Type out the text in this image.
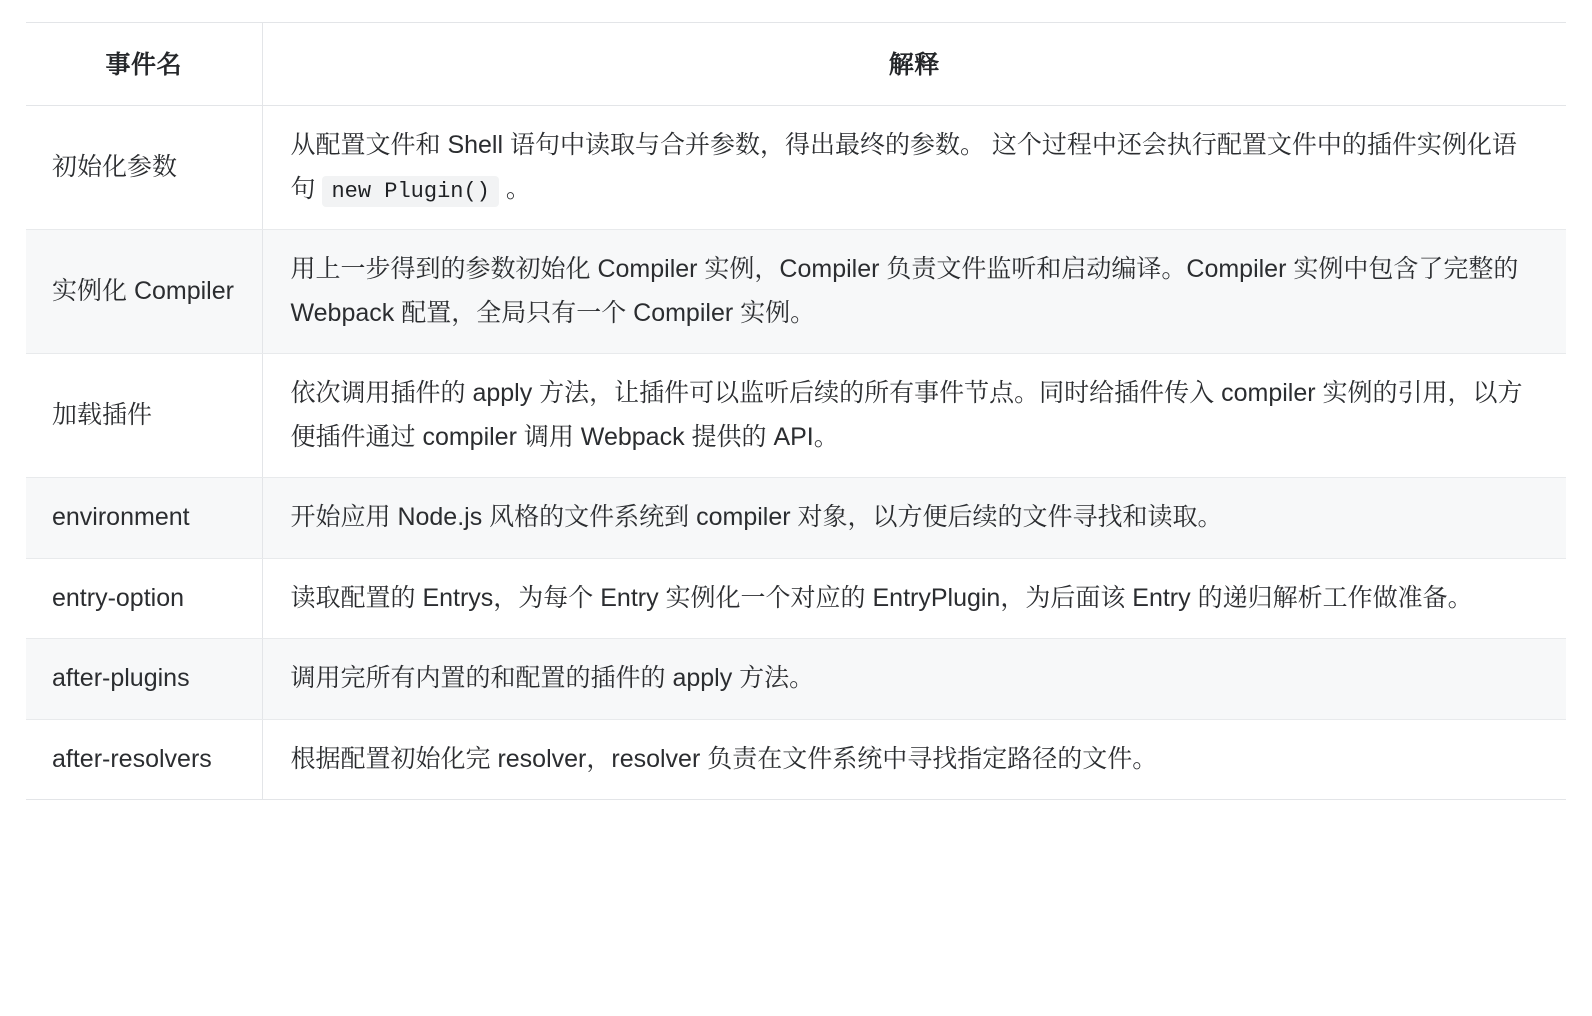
事件名	解释
初始化参数	从配置文件和 Shell 语句中读取与合并参数，得出最终的参数。 这个过程中还会执行配置文件中的插件实例化语句 new Plugin() 。
实例化 Compiler	用上一步得到的参数初始化 Compiler 实例，Compiler 负责文件监听和启动编译。Compiler 实例中包含了完整的 Webpack 配置，全局只有一个 Compiler 实例。
加载插件	依次调用插件的 apply 方法，让插件可以监听后续的所有事件节点。同时给插件传入 compiler 实例的引用，以方便插件通过 compiler 调用 Webpack 提供的 API。
environment	开始应用 Node.js 风格的文件系统到 compiler 对象，以方便后续的文件寻找和读取。
entry-option	读取配置的 Entrys，为每个 Entry 实例化一个对应的 EntryPlugin，为后面该 Entry 的递归解析工作做准备。
after-plugins	调用完所有内置的和配置的插件的 apply 方法。
after-resolvers	根据配置初始化完 resolver，resolver 负责在文件系统中寻找指定路径的文件。
